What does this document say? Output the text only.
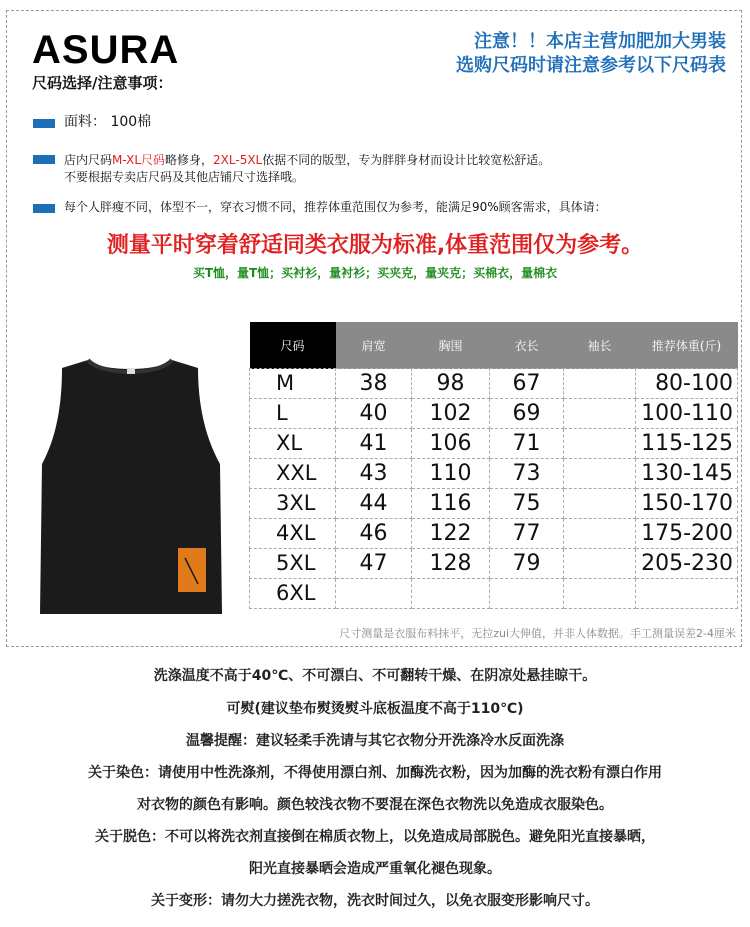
ASURA
尺码选择/注意事项：
注意！！本店主营加肥加大男装
选购尺码时请注意参考以下尺码表
面料： 100棉
店内尺码M-XL尺码略修身，2XL-5XL依据不同的版型，专为胖胖身材而设计比较宽松舒适。
不要根据专卖店尺码及其他店铺尺寸选择哦。
每个人胖瘦不同，体型不一，穿衣习惯不同，推荐体重范围仅为参考，能满足90%顾客需求，具体请：
测量平时穿着舒适同类衣服为标准,体重范围仅为参考。
买T恤，量T恤；买衬衫，量衬衫；买夹克，量夹克；买棉衣，量棉衣
尺码	肩宽	胸围	衣长	袖长	推荐体重(斤)
M	38	98	67		80-100
L	40	102	69		100-110
XL	41	106	71		115-125
XXL	43	110	73		130-145
3XL	44	116	75		150-170
4XL	46	122	77		175-200
5XL	47	128	79		205-230
6XL					
尺寸测量是衣服布料抹平，无拉zui大伸值，并非人体数据。手工测量误差2-4厘米
洗涤温度不高于40℃、不可漂白、不可翻转干燥、在阴凉处悬挂晾干。
可熨(建议垫布熨烫熨斗底板温度不高于110℃)
温馨提醒：建议轻柔手洗请与其它衣物分开洗涤冷水反面洗涤
关于染色：请使用中性洗涤剂，不得使用漂白剂、加酶洗衣粉，因为加酶的洗衣粉有漂白作用
对衣物的颜色有影响。颜色较浅衣物不要混在深色衣物洗以免造成衣服染色。
关于脱色：不可以将洗衣剂直接倒在棉质衣物上，以免造成局部脱色。避免阳光直接暴晒，
阳光直接暴晒会造成严重氧化褪色现象。
关于变形：请勿大力搓洗衣物，洗衣时间过久，以免衣服变形影响尺寸。
